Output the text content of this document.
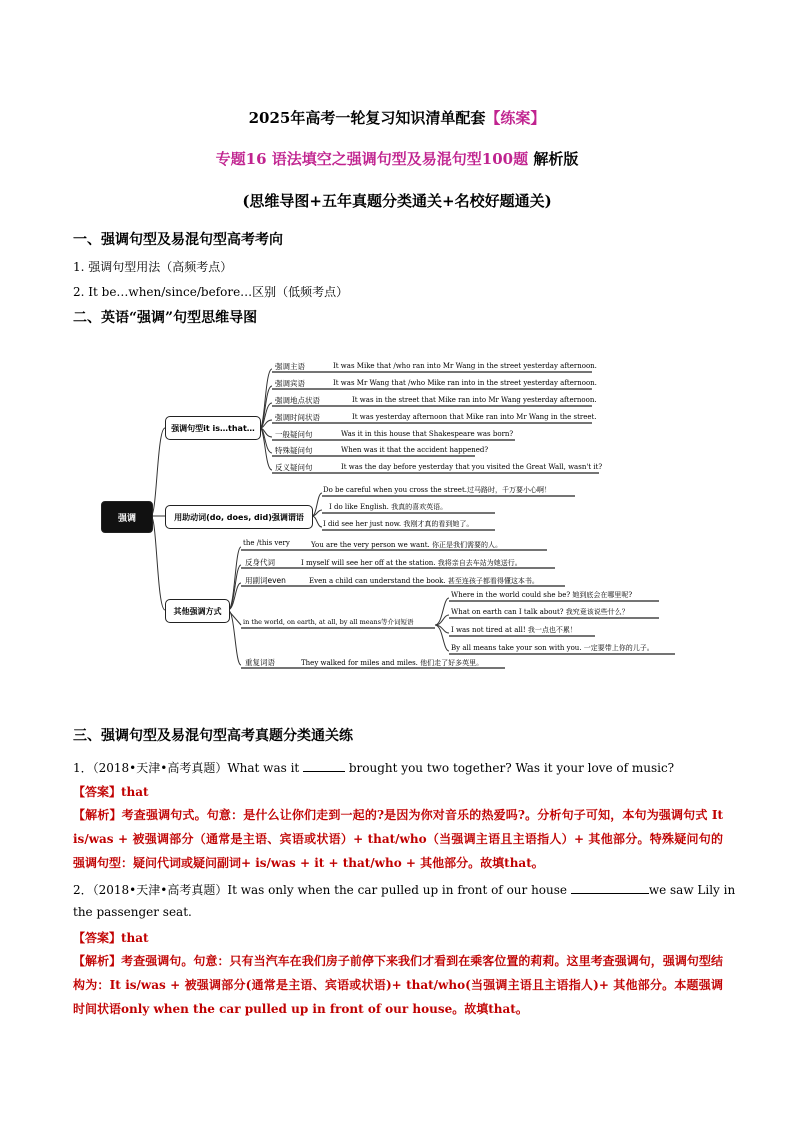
2025年高考一轮复习知识清单配套【练案】
专题16 语法填空之强调句型及易混句型100题 解析版
(思维导图+五年真题分类通关+名校好题通关)
一、强调句型及易混句型高考考向
1. 强调句型用法（高频考点）
2. It be…when/since/before…区别（低频考点）
二、英语“强调”句型思维导图
强调
强调句型it is…that…
用助动词(do, does, did)强调谓语
其他强调方式
强调主语	It was Mike that /who ran into Mr Wang in the street yesterday afternoon.
强调宾语	It was Mr Wang that /who Mike ran into in the street yesterday afternoon.
强调地点状语	It was in the street that Mike ran into Mr Wang yesterday afternoon.
强调时间状语	It was yesterday afternoon that Mike ran into Mr Wang in the street.
一般疑问句	Was it in this house that Shakespeare was born?
特殊疑问句	When was it that the accident happened?
反义疑问句	It was the day before yesterday that you visited the Great Wall, wasn't it?
Do be careful when you cross the street.过马路时，千万要小心啊！
I do like English. 我真的喜欢英语。
I did see her just now. 我刚才真的看到她了。
the /this very	You are the very person we want. 你正是我们需要的人。
反身代词	I myself will see her off at the station. 我将亲自去车站为她送行。
用副词even	Even a child can understand the book. 甚至连孩子都看得懂这本书。
in the world, on earth, at all, by all means等介词短语
重复词语	They walked for miles and miles. 他们走了好多英里。
Where in the world could she be? 她到底会在哪里呢?
What on earth can I talk about? 我究竟该说些什么？
I was not tired at all! 我一点也不累！
By all means take your son with you. 一定要带上你的儿子。
三、强调句型及易混句型高考真题分类通关练
1．（2018•天津•高考真题）What was it	brought you two together? Was it your love of music?
【答案】that
【解析】考查强调句式。句意：是什么让你们走到一起的?是因为你对音乐的热爱吗?。分析句子可知，本句为强调句式 It is/was + 被强调部分（通常是主语、宾语或状语）+ that/who（当强调主语且主语指人）+ 其他部分。特殊疑问句的强调句型：疑问代词或疑问副词+ is/was + it + that/who + 其他部分。故填that。
2．（2018•天津•高考真题）It was only when the car pulled up in front of our house	we saw Lily in
the passenger seat.
【答案】that
【解析】考查强调句。句意：只有当汽车在我们房子前停下来我们才看到在乘客位置的莉莉。这里考查强调句，强调句型结构为：It is/was + 被强调部分(通常是主语、宾语或状语)+ that/who(当强调主语且主语指人)+ 其他部分。本题强调时间状语only when the car pulled up in front of our house。故填that。
